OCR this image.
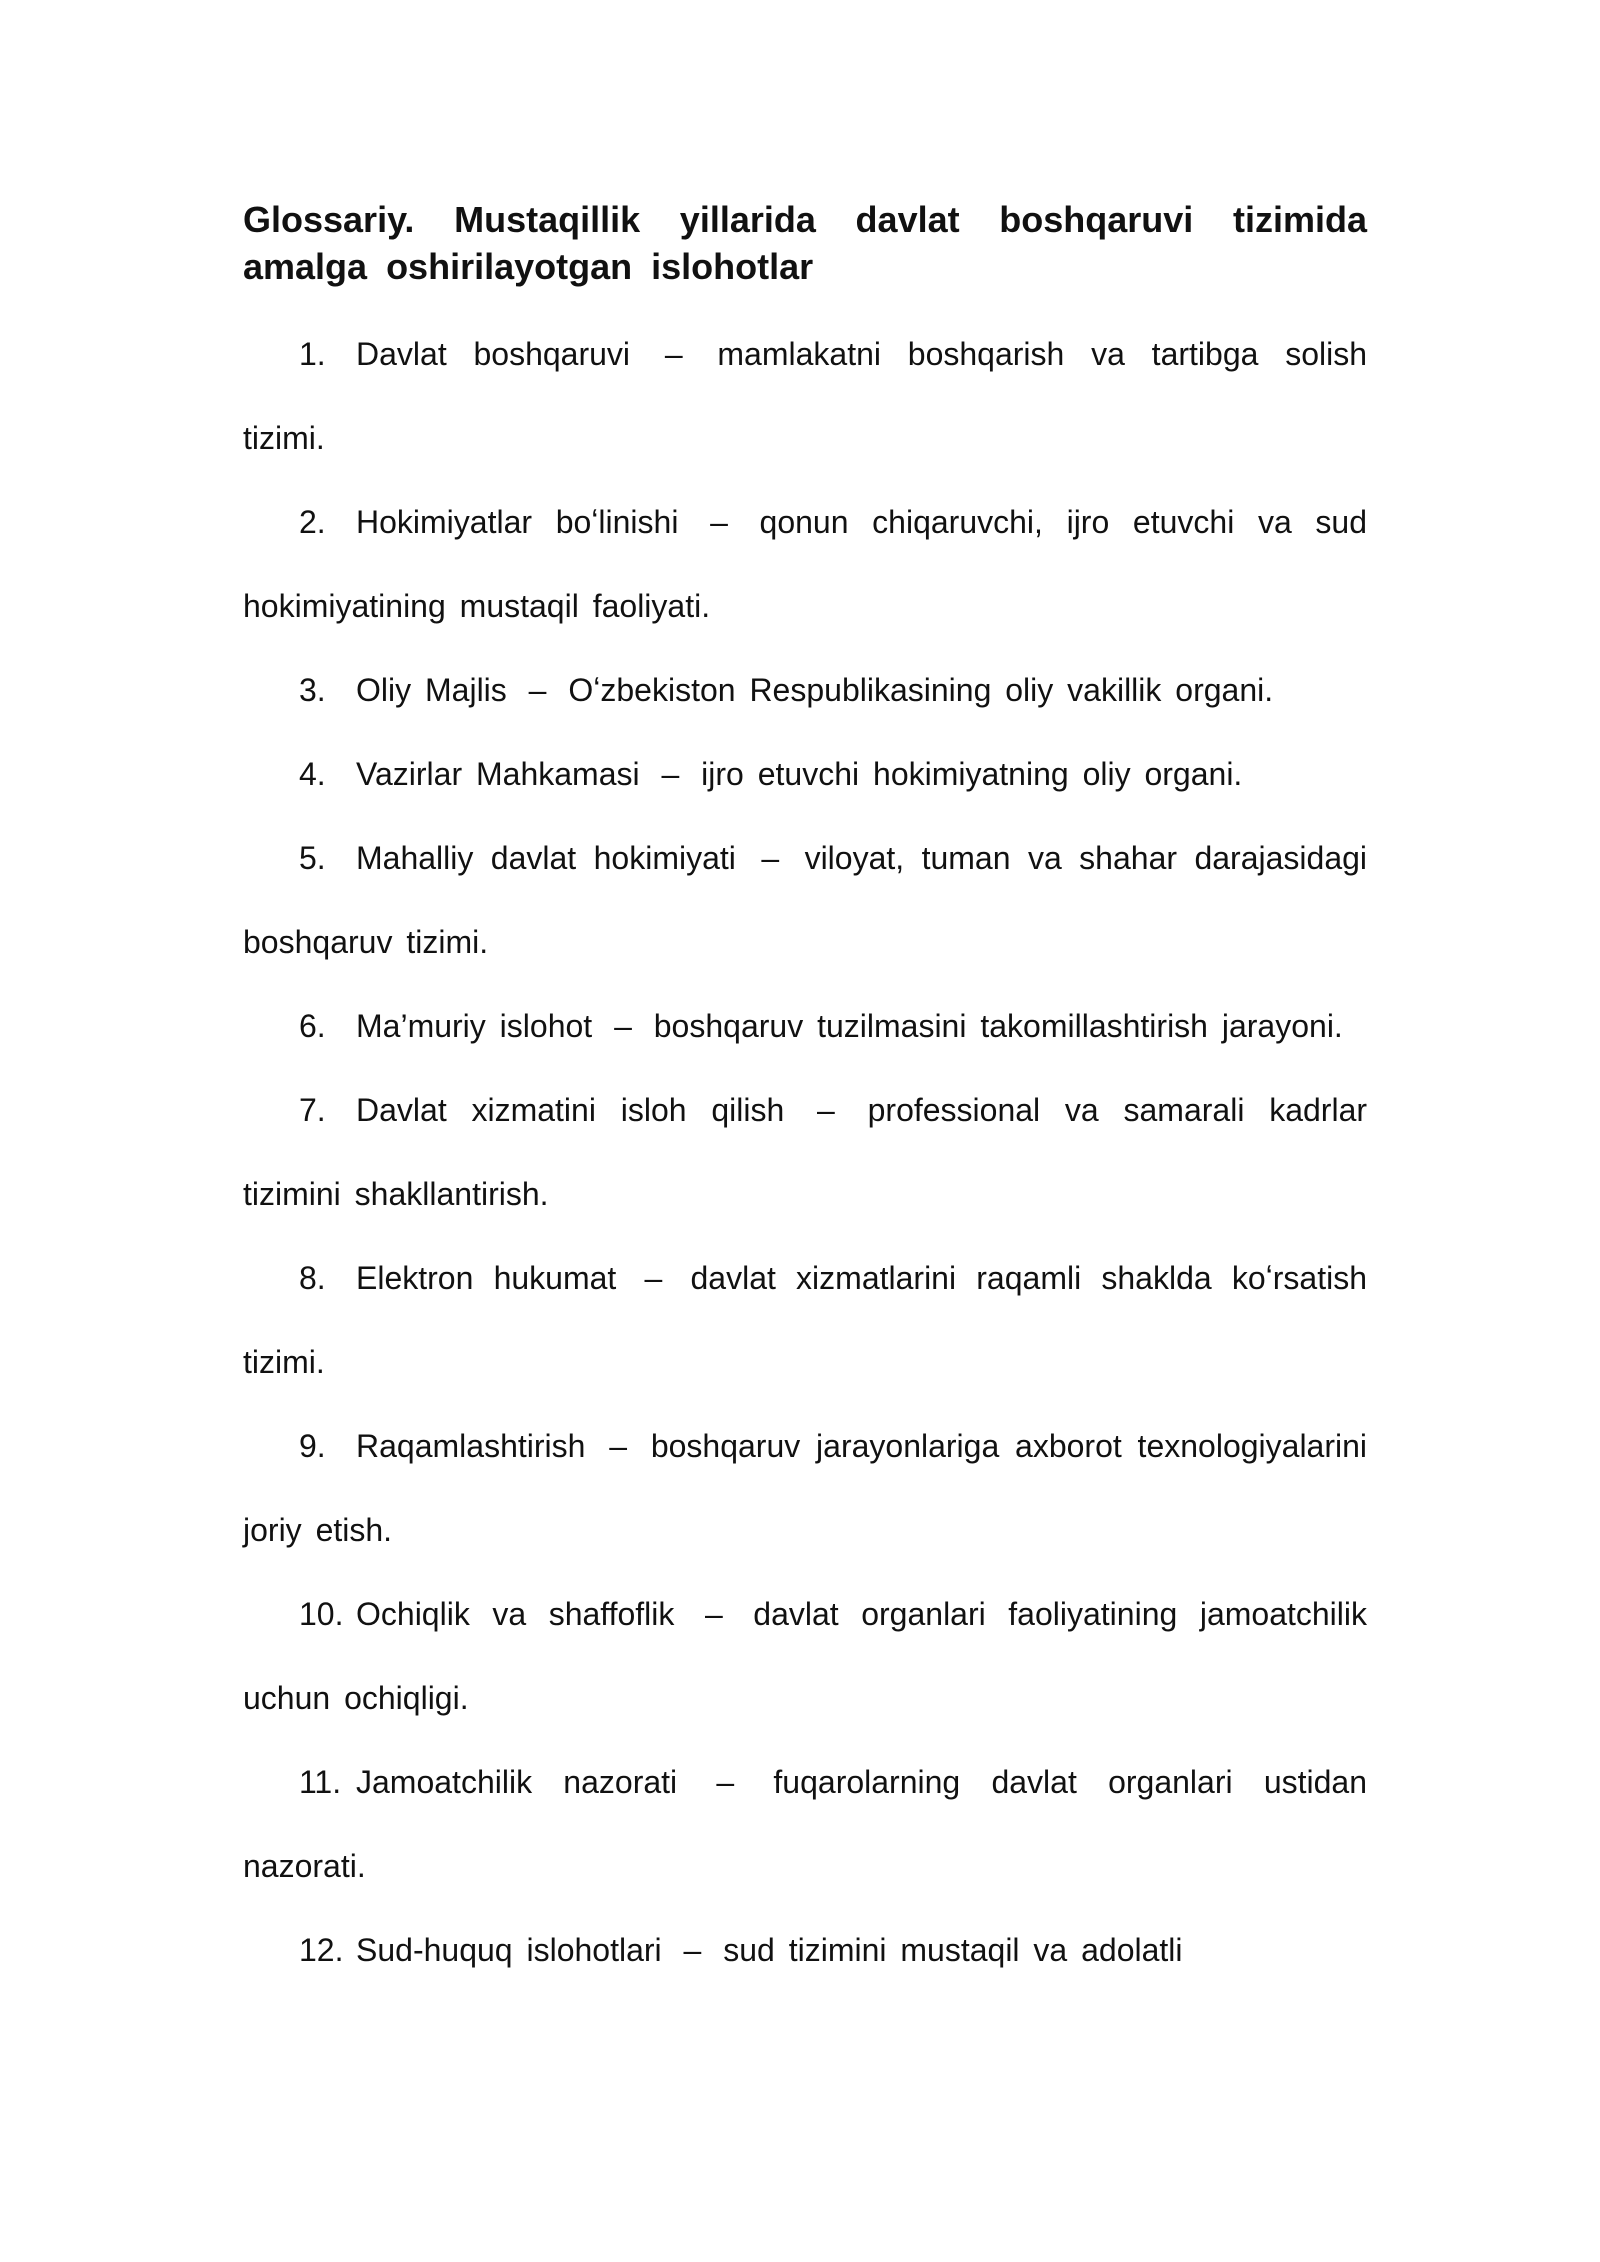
Glossariy. Mustaqillik yillarida davlat boshqaruvi tizimida amalga oshirilayotgan islohotlar
1. Davlat boshqaruvi – mamlakatni boshqarish va tartibga solish tizimi.
2. Hokimiyatlar boʻlinishi – qonun chiqaruvchi, ijro etuvchi va sud hokimiyatining mustaqil faoliyati.
3. Oliy Majlis – Oʻzbekiston Respublikasining oliy vakillik organi.
4. Vazirlar Mahkamasi – ijro etuvchi hokimiyatning oliy organi.
5. Mahalliy davlat hokimiyati – viloyat, tuman va shahar darajasidagi boshqaruv tizimi.
6. Ma’muriy islohot – boshqaruv tuzilmasini takomillashtirish jarayoni.
7. Davlat xizmatini isloh qilish – professional va samarali kadrlar tizimini shakllantirish.
8. Elektron hukumat – davlat xizmatlarini raqamli shaklda koʻrsatish tizimi.
9. Raqamlashtirish – boshqaruv jarayonlariga axborot texnologiyalarini joriy etish.
10. Ochiqlik va shaffoflik – davlat organlari faoliyatining jamoatchilik uchun ochiqligi.
11. Jamoatchilik nazorati – fuqarolarning davlat organlari ustidan nazorati.
12. Sud-huquq islohotlari – sud tizimini mustaqil va adolatli
